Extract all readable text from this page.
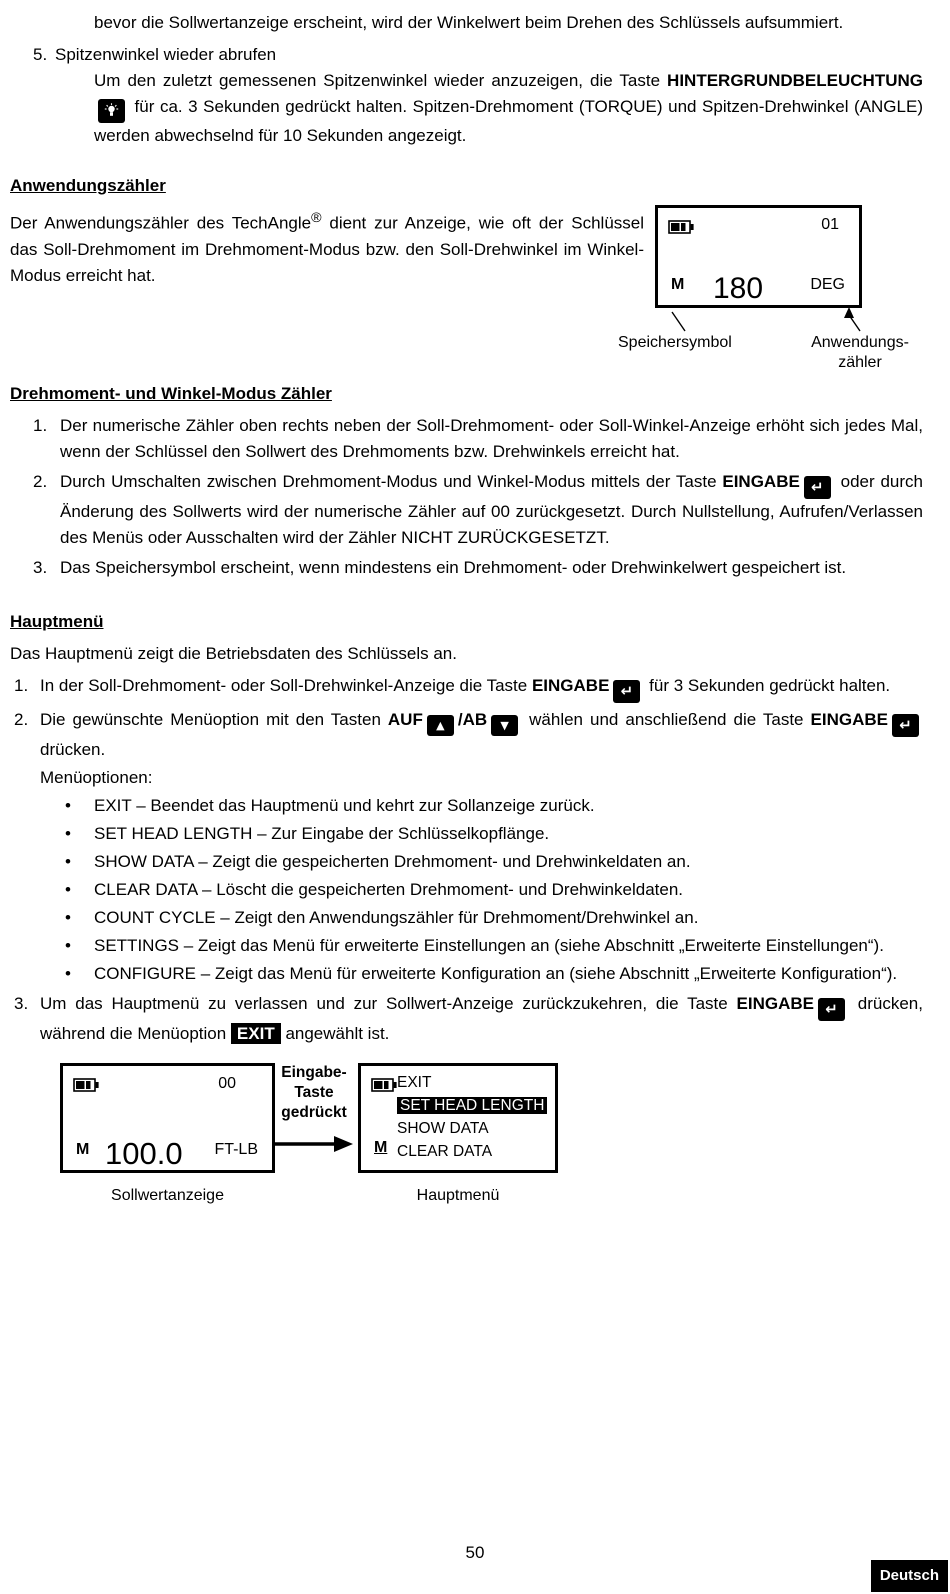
bevor die Sollwertanzeige erscheint, wird der Winkelwert beim Drehen des Schlüssels aufsummiert.

5. Spitzenwinkel wieder abrufen

Um den zuletzt gemessenen Spitzenwinkel wieder anzuzeigen, die Taste HINTERGRUNDBELEUCHTUNG für ca. 3 Sekunden gedrückt halten. Spitzen-Drehmoment (TORQUE) und Spitzen-Drehwinkel (ANGLE) werden abwechselnd für 10 Sekunden angezeigt.

Anwendungszähler

Der Anwendungszähler des TechAngle® dient zur Anzeige, wie oft der Schlüssel das Soll-Drehmoment im Drehmoment-Modus bzw. den Soll-Drehwinkel im Winkel-Modus erreicht hat.

01
M 180	DEG
Speichersymbol	Anwendungs-
zähler
Drehmoment- und Winkel-Modus Zähler
1. Der numerische Zähler oben rechts neben der Soll-Drehmoment- oder Soll-Winkel-Anzeige erhöht sich jedes Mal, wenn der Schlüssel den Sollwert des Drehmoments bzw. Drehwinkels erreicht hat.
2. Durch Umschalten zwischen Drehmoment-Modus und Winkel-Modus mittels der Taste EINGABE ↵ oder durch Änderung des Sollwerts wird der numerische Zähler auf 00 zurückgesetzt. Durch Nullstellung, Aufrufen/Verlassen des Menüs oder Ausschalten wird der Zähler NICHT ZURÜCKGESETZT.
3. Das Speichersymbol erscheint, wenn mindestens ein Drehmoment- oder Drehwinkelwert gespeichert ist.
Hauptmenü

Das Hauptmenü zeigt die Betriebsdaten des Schlüssels an.

1. In der Soll-Drehmoment- oder Soll-Drehwinkel-Anzeige die Taste EINGABE ↵ für 3 Sekunden gedrückt halten.
2. Die gewünschte Menüoption mit den Tasten AUF ▲ /AB ▼ wählen und anschließend die Taste EINGABE ↵ drücken.
Menüoptionen:
•
EXIT – Beendet das Hauptmenü und kehrt zur Sollanzeige zurück.
•
SET HEAD LENGTH – Zur Eingabe der Schlüsselkopflänge.
•
SHOW DATA – Zeigt die gespeicherten Drehmoment- und Drehwinkeldaten an.
•
CLEAR DATA – Löscht die gespeicherten Drehmoment- und Drehwinkeldaten.
•
COUNT CYCLE – Zeigt den Anwendungszähler für Drehmoment/Drehwinkel an.
•
SETTINGS – Zeigt das Menü für erweiterte Einstellungen an (siehe Abschnitt „Erweiterte Einstellungen“).
•
CONFIGURE – Zeigt das Menü für erweiterte Konfiguration an (siehe Abschnitt „Erweiterte Konfiguration“).
3. Um das Hauptmenü zu verlassen und zur Sollwert-Anzeige zurückzukehren, die Taste EINGABE ↵ drücken, während die Menüoption EXIT angewählt ist.
00
M 100.0 FT-LB
Eingabe-
Taste
gedrückt
EXIT
SET HEAD LENGTH
SHOW DATA
CLEAR DATA
M
Sollwertanzeige	Hauptmenü
50
Deutsch
